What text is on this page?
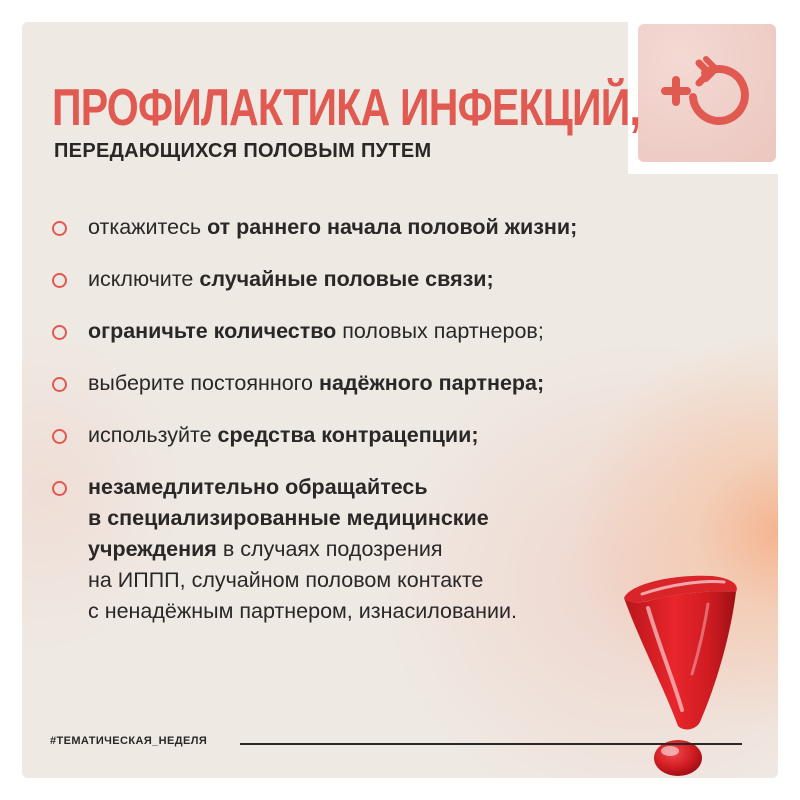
ПРОФИЛАКТИКА ИНФЕКЦИЙ,
ПЕРЕДАЮЩИХСЯ ПОЛОВЫМ ПУТЕМ
откажитесь от раннего начала половой жизни;
исключите случайные половые связи;
ограничьте количество половых партнеров;
выберите постоянного надёжного партнера;
используйте средства контрацепции;
незамедлительно обращайтесь
в специализированные медицинские
учреждения в случаях подозрения
на ИППП, случайном половом контакте
с ненадёжным партнером, изнасиловании.
#ТЕМАТИЧЕСКАЯ_НЕДЕЛЯ
